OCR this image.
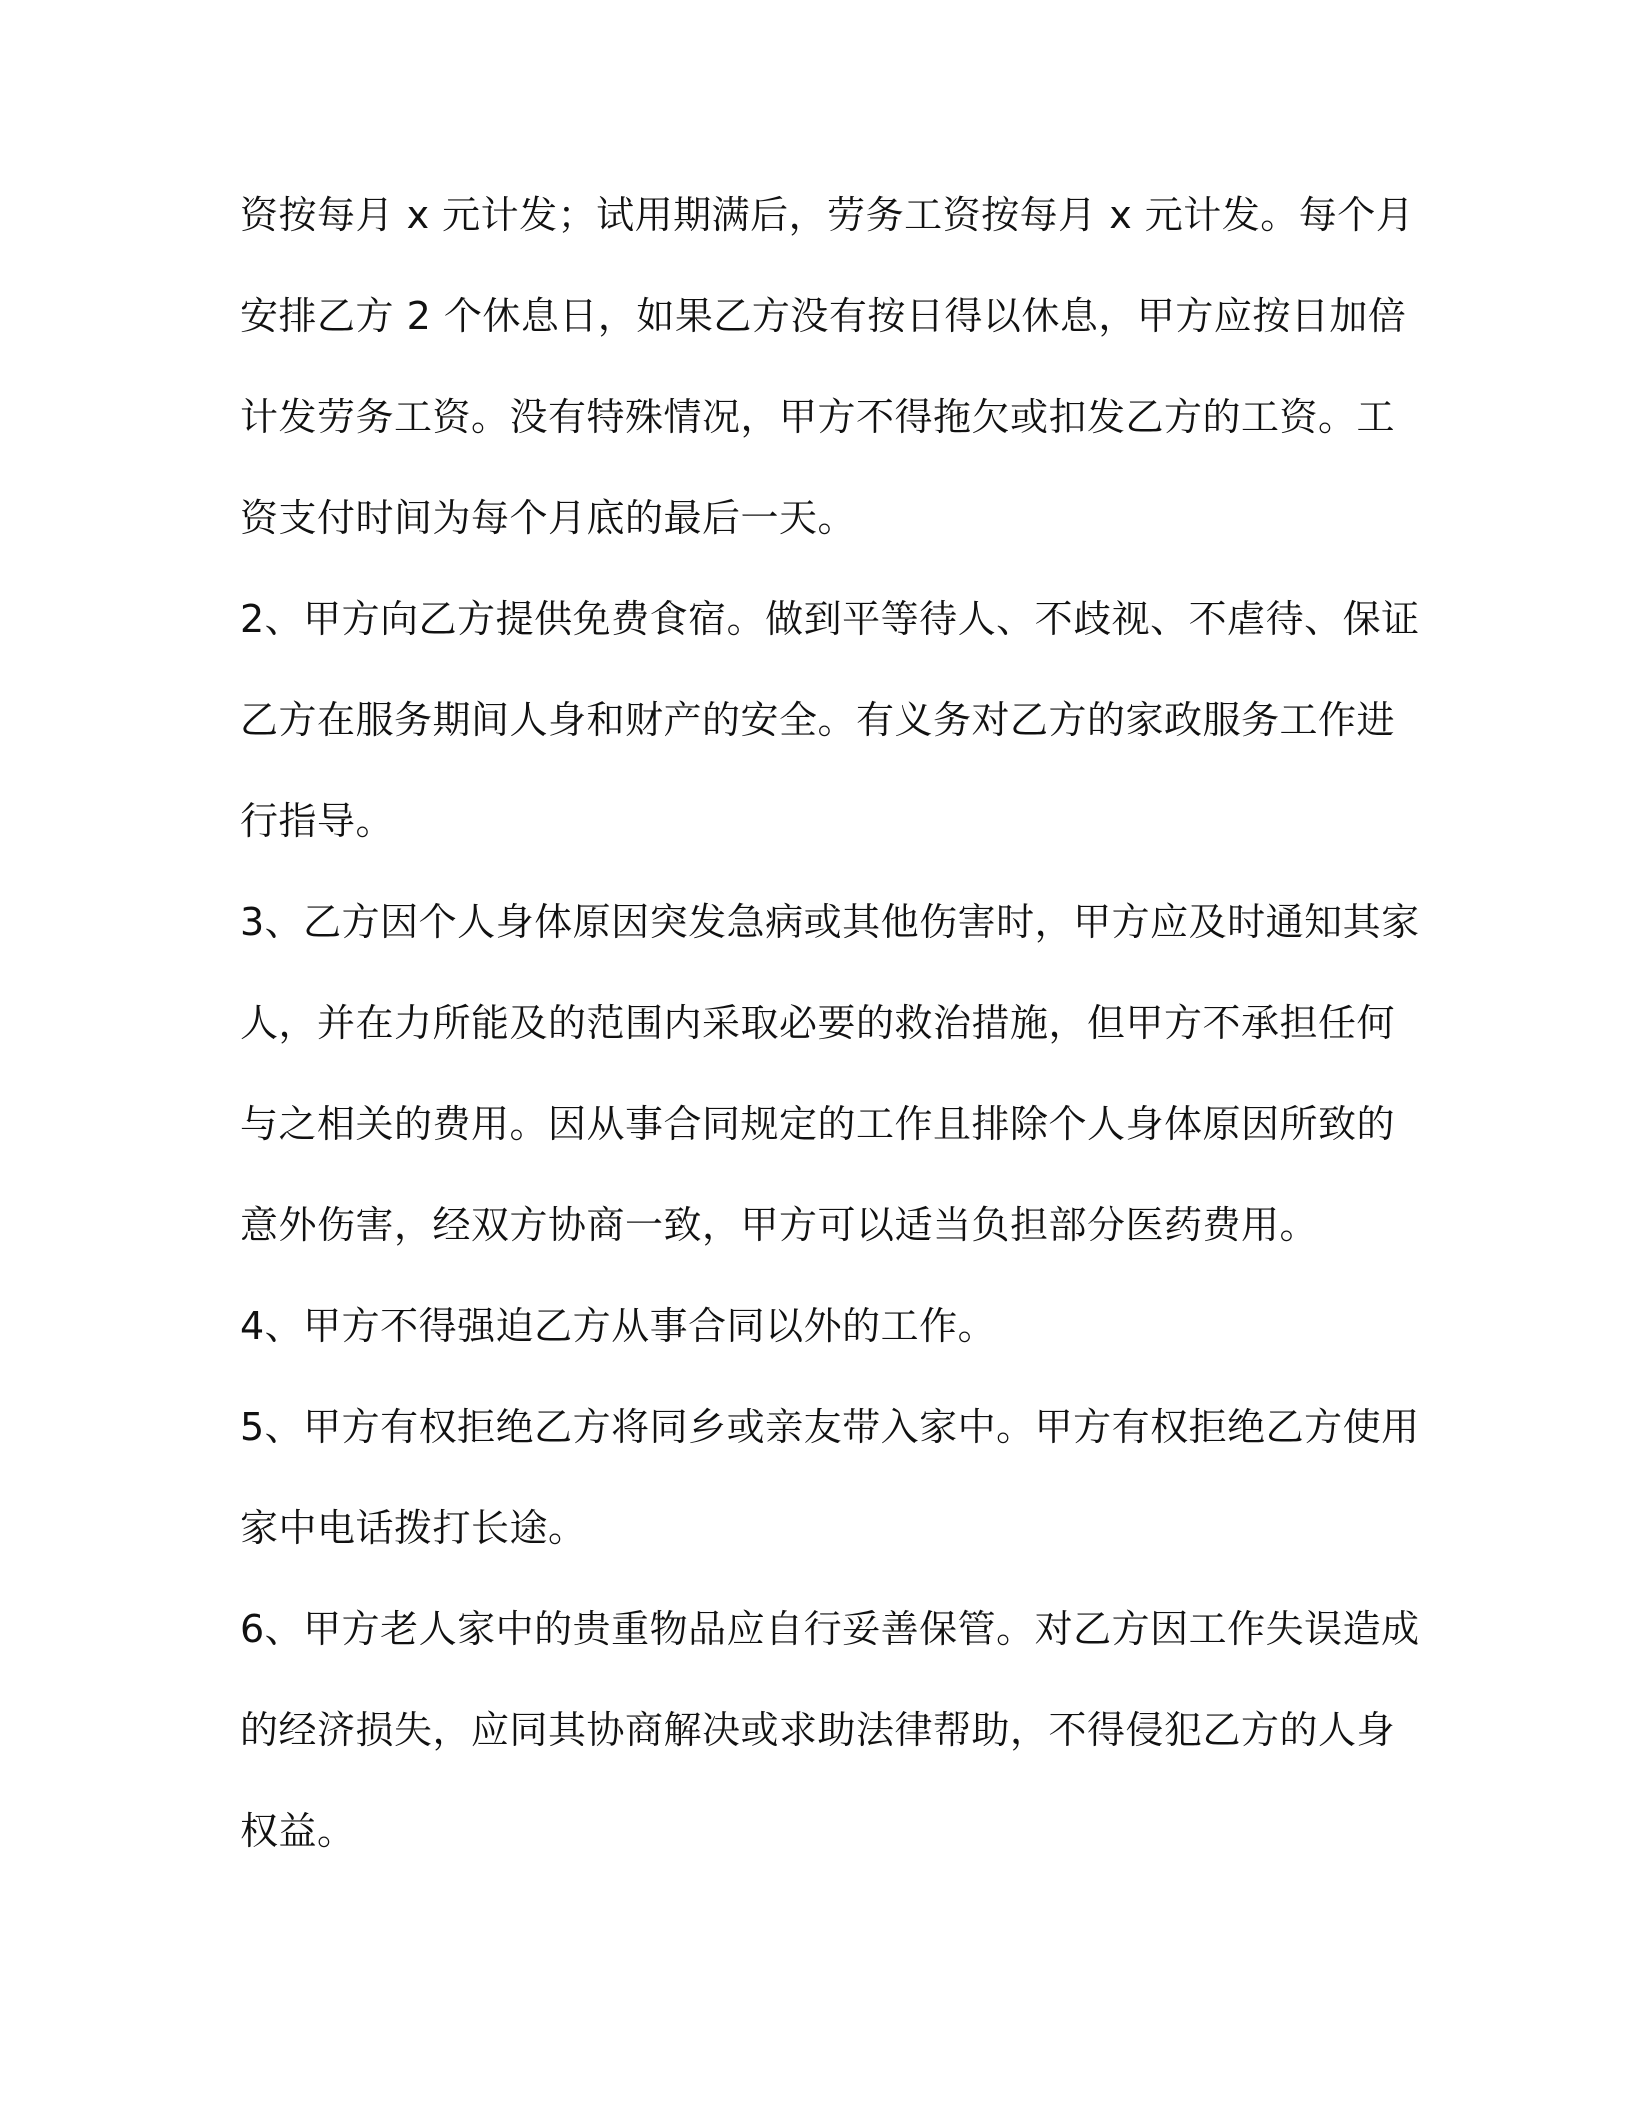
资按每月 x 元计发；试用期满后，劳务工资按每月 x 元计发。每个月
安排乙方 2 个休息日，如果乙方没有按日得以休息，甲方应按日加倍
计发劳务工资。没有特殊情况，甲方不得拖欠或扣发乙方的工资。工
资支付时间为每个月底的最后一天。
2、甲方向乙方提供免费食宿。做到平等待人、不歧视、不虐待、保证
乙方在服务期间人身和财产的安全。有义务对乙方的家政服务工作进
行指导。
3、乙方因个人身体原因突发急病或其他伤害时，甲方应及时通知其家
人，并在力所能及的范围内采取必要的救治措施，但甲方不承担任何
与之相关的费用。因从事合同规定的工作且排除个人身体原因所致的
意外伤害，经双方协商一致，甲方可以适当负担部分医药费用。
4、甲方不得强迫乙方从事合同以外的工作。
5、甲方有权拒绝乙方将同乡或亲友带入家中。甲方有权拒绝乙方使用
家中电话拨打长途。
6、甲方老人家中的贵重物品应自行妥善保管。对乙方因工作失误造成
的经济损失，应同其协商解决或求助法律帮助，不得侵犯乙方的人身
权益。
